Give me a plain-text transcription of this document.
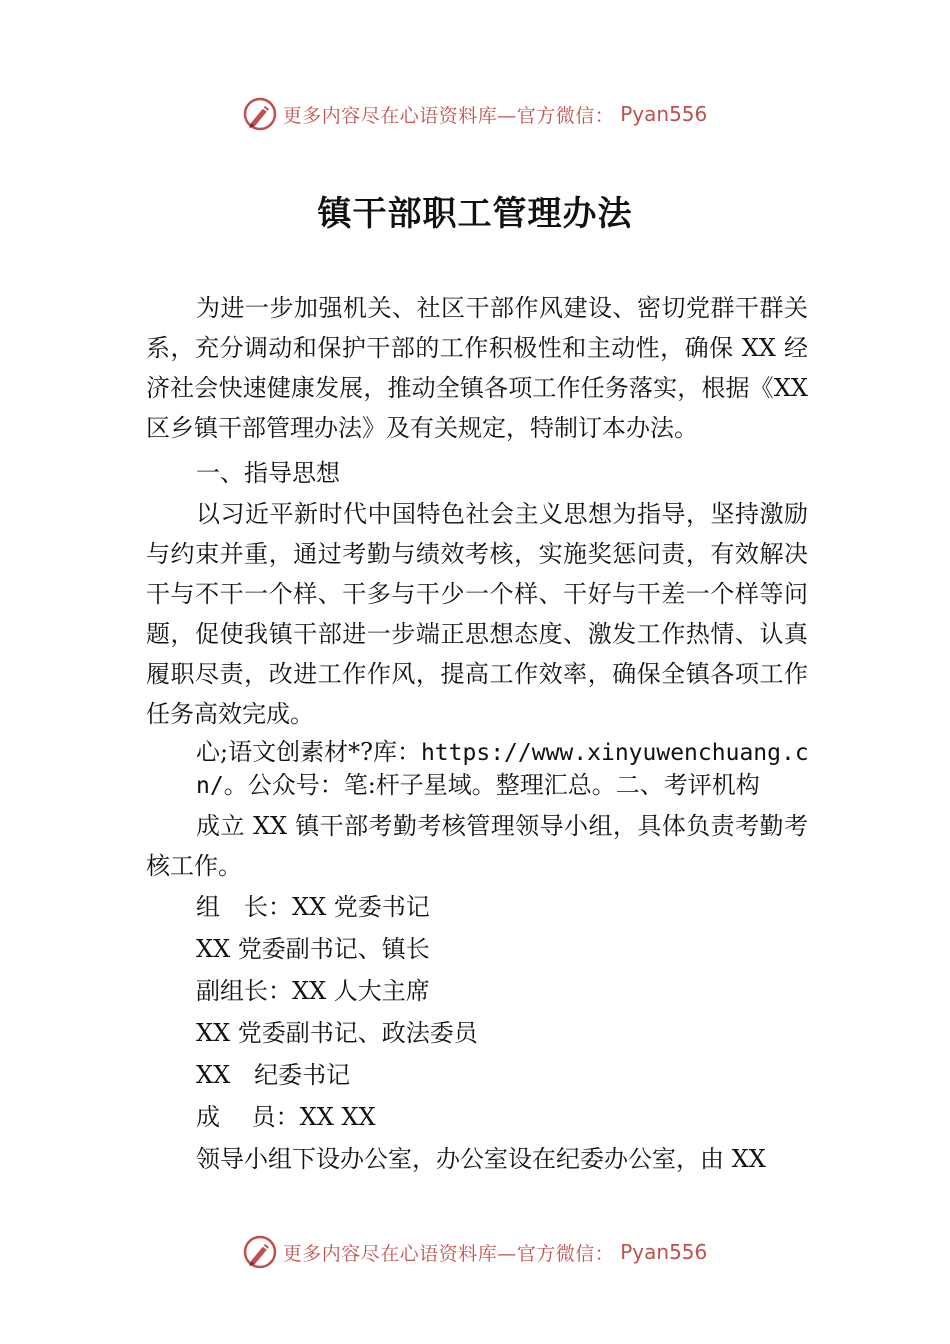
更多内容尽在心语资料库—官方微信： Pyan556
镇干部职工管理办法

为进一步加强机关、社区干部作风建设、密切党群干群关系，充分调动和保护干部的工作积极性和主动性，确保 XX 经济社会快速健康发展，推动全镇各项工作任务落实，根据《XX 区乡镇干部管理办法》及有关规定，特制订本办法。

一、指导思想

以习近平新时代中国特色社会主义思想为指导，坚持激励与约束并重，通过考勤与绩效考核，实施奖惩问责，有效解决干与不干一个样、干多与干少一个样、干好与干差一个样等问题，促使我镇干部进一步端正思想态度、激发工作热情、认真履职尽责，改进工作作风，提高工作效率，确保全镇各项工作任务高效完成。

心;语文创素材*?库：https://www.xinyuwenchuang.cn/。公众号：笔:杆子星域。整理汇总。二、考评机构

成立 XX 镇干部考勤考核管理领导小组，具体负责考勤考核工作。

组　长：XX 党委书记
XX 党委副书记、镇长
副组长：XX 人大主席
XX 党委副书记、政法委员
XX　纪委书记
成　 员：XX XX
领导小组下设办公室，办公室设在纪委办公室，由 XX
更多内容尽在心语资料库—官方微信： Pyan556
